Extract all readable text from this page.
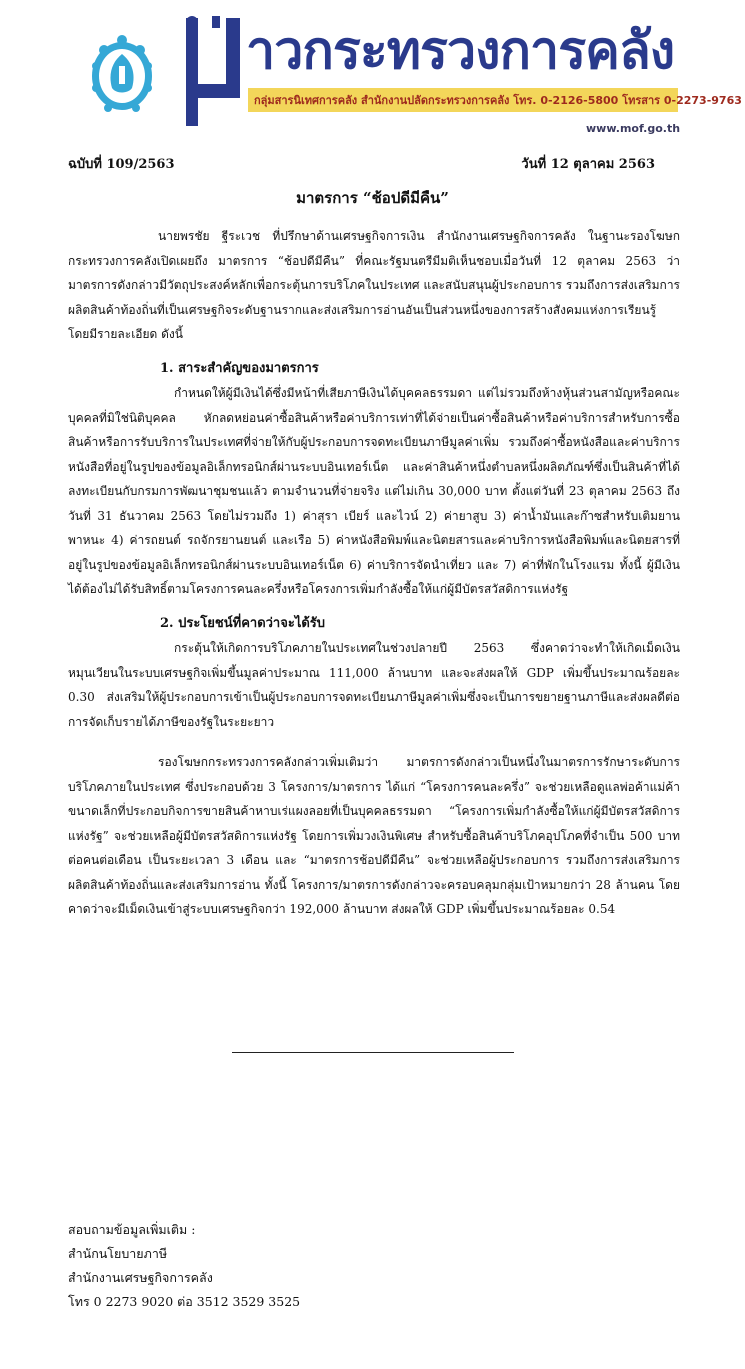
าวกระทรวงการคลัง
กลุ่มสารนิเทศการคลัง สำนักงานปลัดกระทรวงการคลัง โทร. 0-2126-5800 โทรสาร 0-2273-9763
www.mof.go.th
ฉบับที่ 109/2563	วันที่ 12 ตุลาคม 2563
มาตรการ “ช้อปดีมีคืน”

นายพรชัย ฐีระเวช ที่ปรึกษาด้านเศรษฐกิจการเงิน สำนักงานเศรษฐกิจการคลัง ในฐานะรองโฆษกกระทรวงการคลังเปิดเผยถึง มาตรการ “ช้อปดีมีคืน” ที่คณะรัฐมนตรีมีมติเห็นชอบเมื่อวันที่ 12 ตุลาคม 2563 ว่า มาตรการดังกล่าวมีวัตถุประสงค์หลักเพื่อกระตุ้นการบริโภคในประเทศ และสนับสนุนผู้ประกอบการ รวมถึงการส่งเสริมการผลิตสินค้าท้องถิ่นที่เป็นเศรษฐกิจระดับฐานรากและส่งเสริมการอ่านอันเป็นส่วนหนึ่งของการสร้างสังคมแห่งการเรียนรู้ โดยมีรายละเอียด ดังนี้

1. สาระสำคัญของมาตรการ

กำหนดให้ผู้มีเงินได้ซึ่งมีหน้าที่เสียภาษีเงินได้บุคคลธรรมดา แต่ไม่รวมถึงห้างหุ้นส่วนสามัญหรือคณะบุคคลที่มิใช่นิติบุคคล หักลดหย่อนค่าซื้อสินค้าหรือค่าบริการเท่าที่ได้จ่ายเป็นค่าซื้อสินค้าหรือค่าบริการสำหรับการซื้อสินค้าหรือการรับบริการในประเทศที่จ่ายให้กับผู้ประกอบการจดทะเบียนภาษีมูลค่าเพิ่ม รวมถึงค่าซื้อหนังสือและค่าบริการหนังสือที่อยู่ในรูปของข้อมูลอิเล็กทรอนิกส์ผ่านระบบอินเทอร์เน็ต และค่าสินค้าหนึ่งตำบลหนึ่งผลิตภัณฑ์ซึ่งเป็นสินค้าที่ได้ลงทะเบียนกับกรมการพัฒนาชุมชนแล้ว ตามจำนวนที่จ่ายจริง แต่ไม่เกิน 30,000 บาท ตั้งแต่วันที่ 23 ตุลาคม 2563 ถึงวันที่ 31 ธันวาคม 2563 โดยไม่รวมถึง 1) ค่าสุรา เบียร์ และไวน์ 2) ค่ายาสูบ 3) ค่าน้ำมันและก๊าซสำหรับเติมยานพาหนะ 4) ค่ารถยนต์ รถจักรยานยนต์ และเรือ 5) ค่าหนังสือพิมพ์และนิตยสารและค่าบริการหนังสือพิมพ์และนิตยสารที่อยู่ในรูปของข้อมูลอิเล็กทรอนิกส์ผ่านระบบอินเทอร์เน็ต 6) ค่าบริการจัดนำเที่ยว และ 7) ค่าที่พักในโรงแรม ทั้งนี้ ผู้มีเงินได้ต้องไม่ได้รับสิทธิ์ตามโครงการคนละครึ่งหรือโครงการเพิ่มกำลังซื้อให้แก่ผู้มีบัตรสวัสดิการแห่งรัฐ

2. ประโยชน์ที่คาดว่าจะได้รับ

กระตุ้นให้เกิดการบริโภคภายในประเทศในช่วงปลายปี 2563 ซึ่งคาดว่าจะทำให้เกิดเม็ดเงินหมุนเวียนในระบบเศรษฐกิจเพิ่มขึ้นมูลค่าประมาณ 111,000 ล้านบาท และจะส่งผลให้ GDP เพิ่มขึ้นประมาณร้อยละ 0.30 ส่งเสริมให้ผู้ประกอบการเข้าเป็นผู้ประกอบการจดทะเบียนภาษีมูลค่าเพิ่มซึ่งจะเป็นการขยายฐานภาษีและส่งผลดีต่อการจัดเก็บรายได้ภาษีของรัฐในระยะยาว

รองโฆษกกระทรวงการคลังกล่าวเพิ่มเติมว่า มาตรการดังกล่าวเป็นหนึ่งในมาตรการรักษาระดับการบริโภคภายในประเทศ ซึ่งประกอบด้วย 3 โครงการ/มาตรการ ได้แก่ “โครงการคนละครึ่ง” จะช่วยเหลือดูแลพ่อค้าแม่ค้าขนาดเล็กที่ประกอบกิจการขายสินค้าหาบเร่แผงลอยที่เป็นบุคคลธรรมดา “โครงการเพิ่มกำลังซื้อให้แก่ผู้มีบัตรสวัสดิการแห่งรัฐ” จะช่วยเหลือผู้มีบัตรสวัสดิการแห่งรัฐ โดยการเพิ่มวงเงินพิเศษ สำหรับซื้อสินค้าบริโภคอุปโภคที่จำเป็น 500 บาทต่อคนต่อเดือน เป็นระยะเวลา 3 เดือน และ “มาตรการช้อปดีมีคืน” จะช่วยเหลือผู้ประกอบการ รวมถึงการส่งเสริมการผลิตสินค้าท้องถิ่นและส่งเสริมการอ่าน ทั้งนี้ โครงการ/มาตรการดังกล่าวจะครอบคลุมกลุ่มเป้าหมายกว่า 28 ล้านคน โดยคาดว่าจะมีเม็ดเงินเข้าสู่ระบบเศรษฐกิจกว่า 192,000 ล้านบาท ส่งผลให้ GDP เพิ่มขึ้นประมาณร้อยละ 0.54

สอบถามข้อมูลเพิ่มเติม :
สำนักนโยบายภาษี
สำนักงานเศรษฐกิจการคลัง
โทร 0 2273 9020 ต่อ 3512 3529 3525
